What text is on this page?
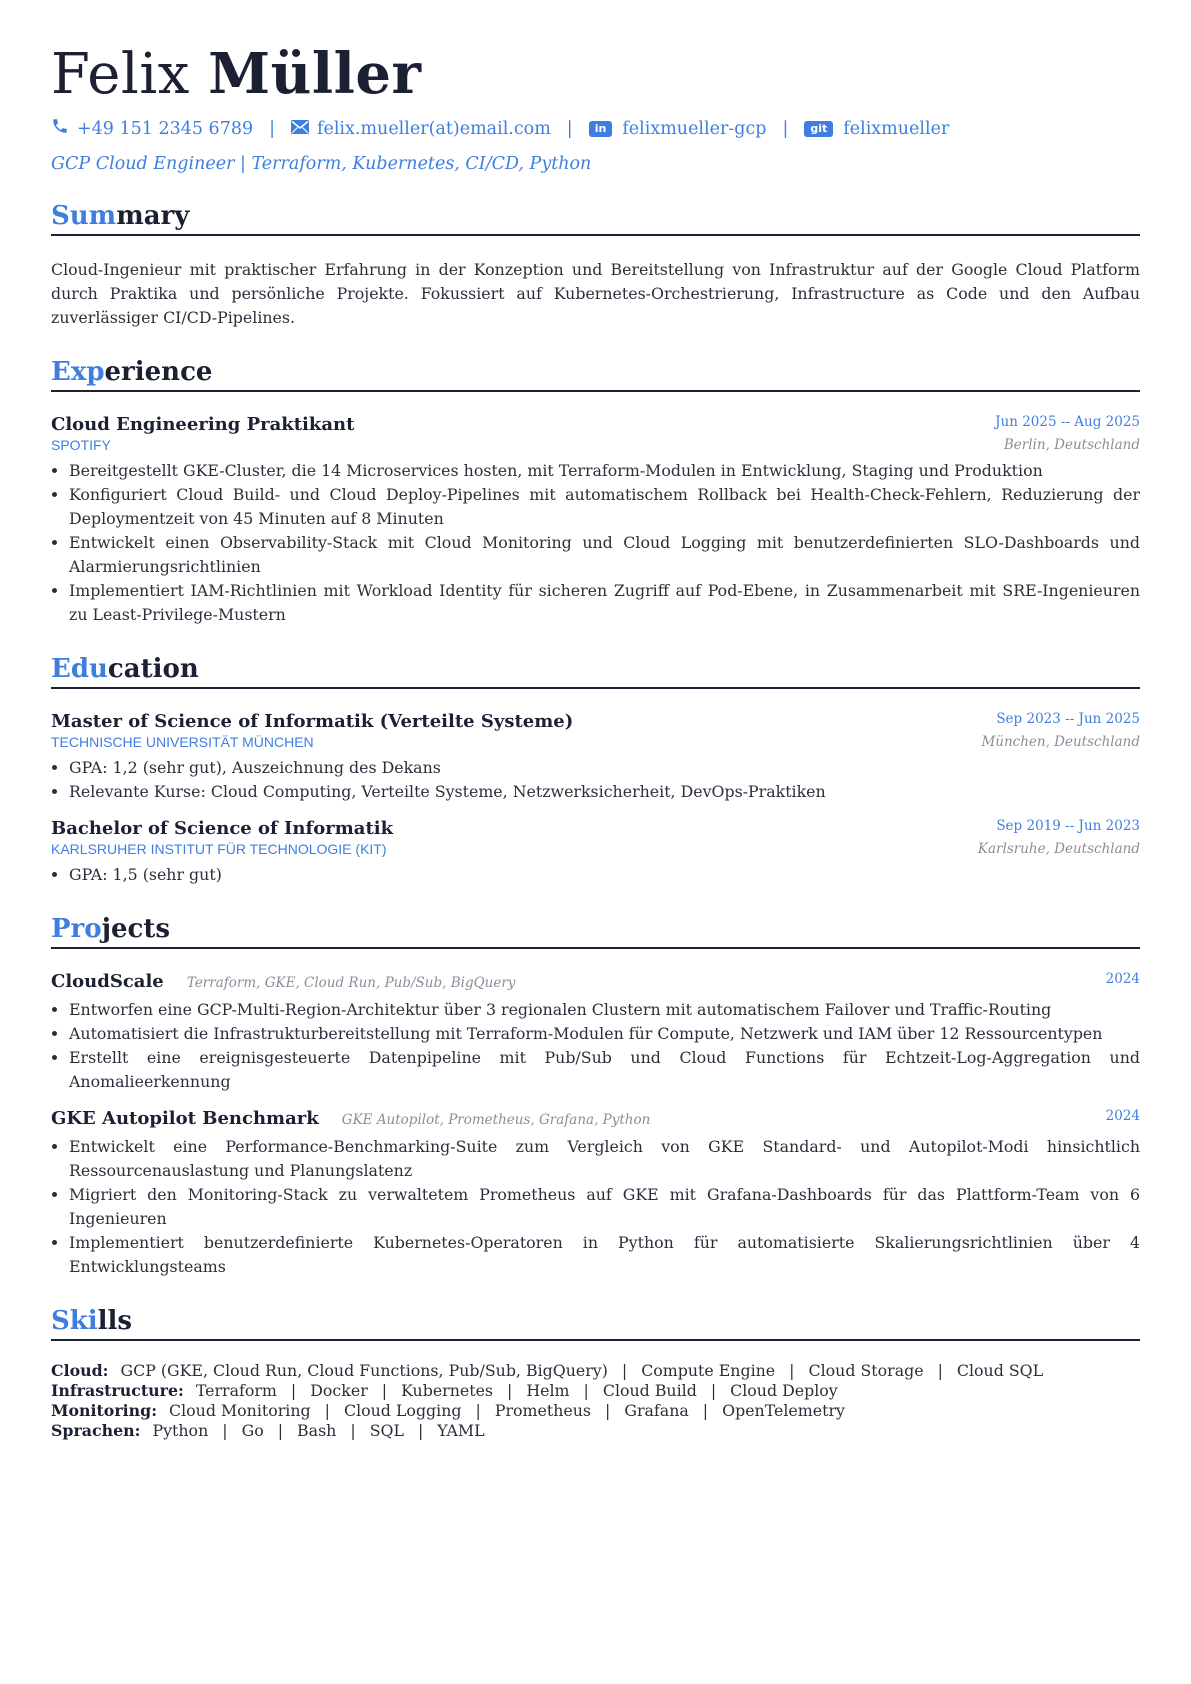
Felix Müller
+49 151 2345 6789 | felix.mueller(at)email.com |	in felixmueller-gcp |	git felixmueller
GCP Cloud Engineer | Terraform, Kubernetes, CI/CD, Python
Summary
Cloud-Ingenieur mit praktischer Erfahrung in der Konzeption und Bereitstellung von Infrastruktur auf der Google Cloud Platform durch Praktika und persönliche Projekte. Fokussiert auf Kubernetes-Orchestrierung, Infrastructure as Code und den Aufbau zuverlässiger CI/CD-Pipelines.
Experience
Cloud Engineering Praktikant	Jun 2025 -- Aug 2025
SPOTIFY	Berlin, Deutschland
• Bereitgestellt GKE-Cluster, die 14 Microservices hosten, mit Terraform-Modulen in Entwicklung, Staging und Produktion
• Konfiguriert Cloud Build- und Cloud Deploy-Pipelines mit automatischem Rollback bei Health-Check-Fehlern, Reduzierung der Deploymentzeit von 45 Minuten auf 8 Minuten
• Entwickelt einen Observability-Stack mit Cloud Monitoring und Cloud Logging mit benutzerdefinierten SLO-Dashboards und Alarmierungsrichtlinien
• Implementiert IAM-Richtlinien mit Workload Identity für sicheren Zugriff auf Pod-Ebene, in Zusammenarbeit mit SRE-Ingenieuren zu Least-Privilege-Mustern
Education
Master of Science of Informatik (Verteilte Systeme)	Sep 2023 -- Jun 2025
TECHNISCHE UNIVERSITÄT MÜNCHEN	München, Deutschland
• GPA: 1,2 (sehr gut), Auszeichnung des Dekans
• Relevante Kurse: Cloud Computing, Verteilte Systeme, Netzwerksicherheit, DevOps-Praktiken
Bachelor of Science of Informatik	Sep 2019 -- Jun 2023
KARLSRUHER INSTITUT FÜR TECHNOLOGIE (KIT)	Karlsruhe, Deutschland
• GPA: 1,5 (sehr gut)
Projects
CloudScale Terraform, GKE, Cloud Run, Pub/Sub, BigQuery	2024
• Entworfen eine GCP-Multi-Region-Architektur über 3 regionalen Clustern mit automatischem Failover und Traffic-Routing
• Automatisiert die Infrastrukturbereitstellung mit Terraform-Modulen für Compute, Netzwerk und IAM über 12 Ressourcentypen
• Erstellt eine ereignisgesteuerte Datenpipeline mit Pub/Sub und Cloud Functions für Echtzeit-Log-Aggregation und Anomalieerkennung
GKE Autopilot Benchmark GKE Autopilot, Prometheus, Grafana, Python	2024
• Entwickelt eine Performance-Benchmarking-Suite zum Vergleich von GKE Standard- und Autopilot-Modi hinsichtlich Ressourcenauslastung und Planungslatenz
• Migriert den Monitoring-Stack zu verwaltetem Prometheus auf GKE mit Grafana-Dashboards für das Plattform-Team von 6 Ingenieuren
• Implementiert benutzerdefinierte Kubernetes-Operatoren in Python für automatisierte Skalierungsrichtlinien über 4 Entwicklungsteams
Skills
Cloud: GCP (GKE, Cloud Run, Cloud Functions, Pub/Sub, BigQuery)	| Compute Engine	| Cloud Storage	| Cloud SQL
Infrastructure: Terraform	| Docker	| Kubernetes	| Helm	| Cloud Build	| Cloud Deploy
Monitoring: Cloud Monitoring	| Cloud Logging	| Prometheus	| Grafana	| OpenTelemetry
Sprachen: Python	| Go	| Bash	| SQL	| YAML
